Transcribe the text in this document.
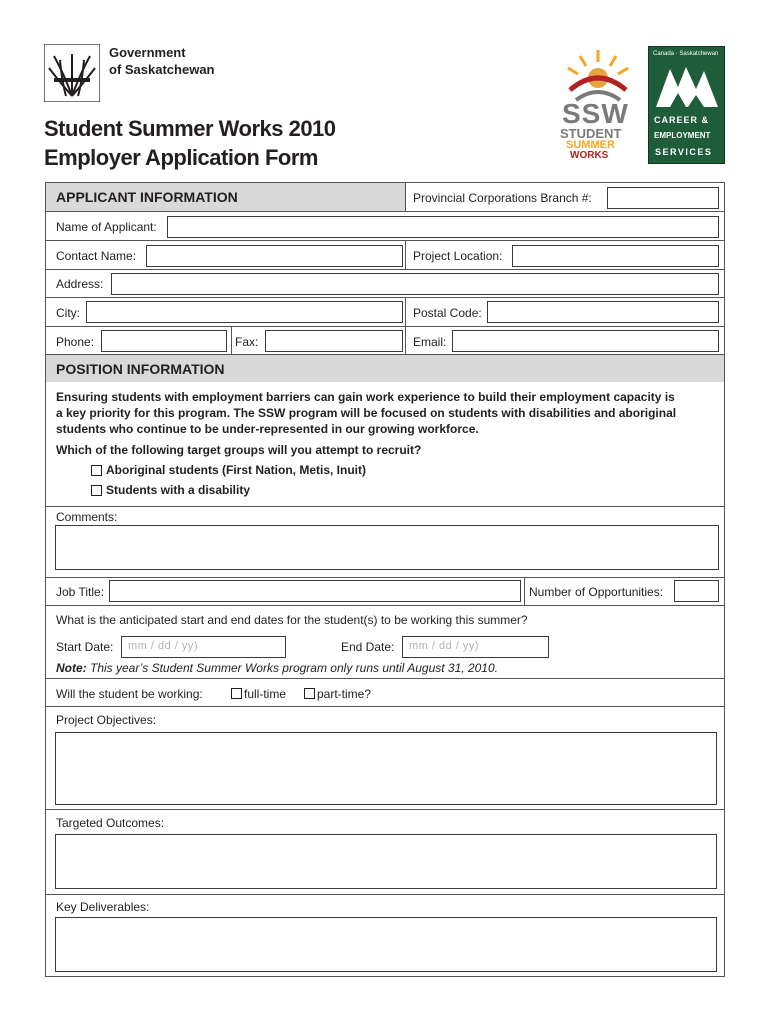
Government
of Saskatchewan
Student Summer Works 2010
Employer Application Form
SSW
STUDENT
SUMMER
WORKS
Canada · Saskatchewan
CAREER &
EMPLOYMENT
SERVICES
APPLICANT INFORMATION	Provincial Corporations Branch #:
Name of Applicant:
Contact Name:	Project Location:
Address:
City:	Postal Code:
Phone:	Fax:	Email:
POSITION INFORMATION
Ensuring students with employment barriers can gain work experience to build their employment capacity is
a key priority for this program. The SSW program will be focused on students with disabilities and aboriginal
students who continue to be under-represented in our growing workforce.
Which of the following target groups will you attempt to recruit?
Aboriginal students (First Nation, Metis, Inuit)
Students with a disability
Comments:
Job Title:	Number of Opportunities:
What is the anticipated start and end dates for the student(s) to be working this summer?
Start Date: mm / dd / yy)	End Date: mm / dd / yy)
Note: This year’s Student Summer Works program only runs until August 31, 2010.
Will the student be working:	full-time	part-time?
Project Objectives:
Targeted Outcomes:
Key Deliverables:
